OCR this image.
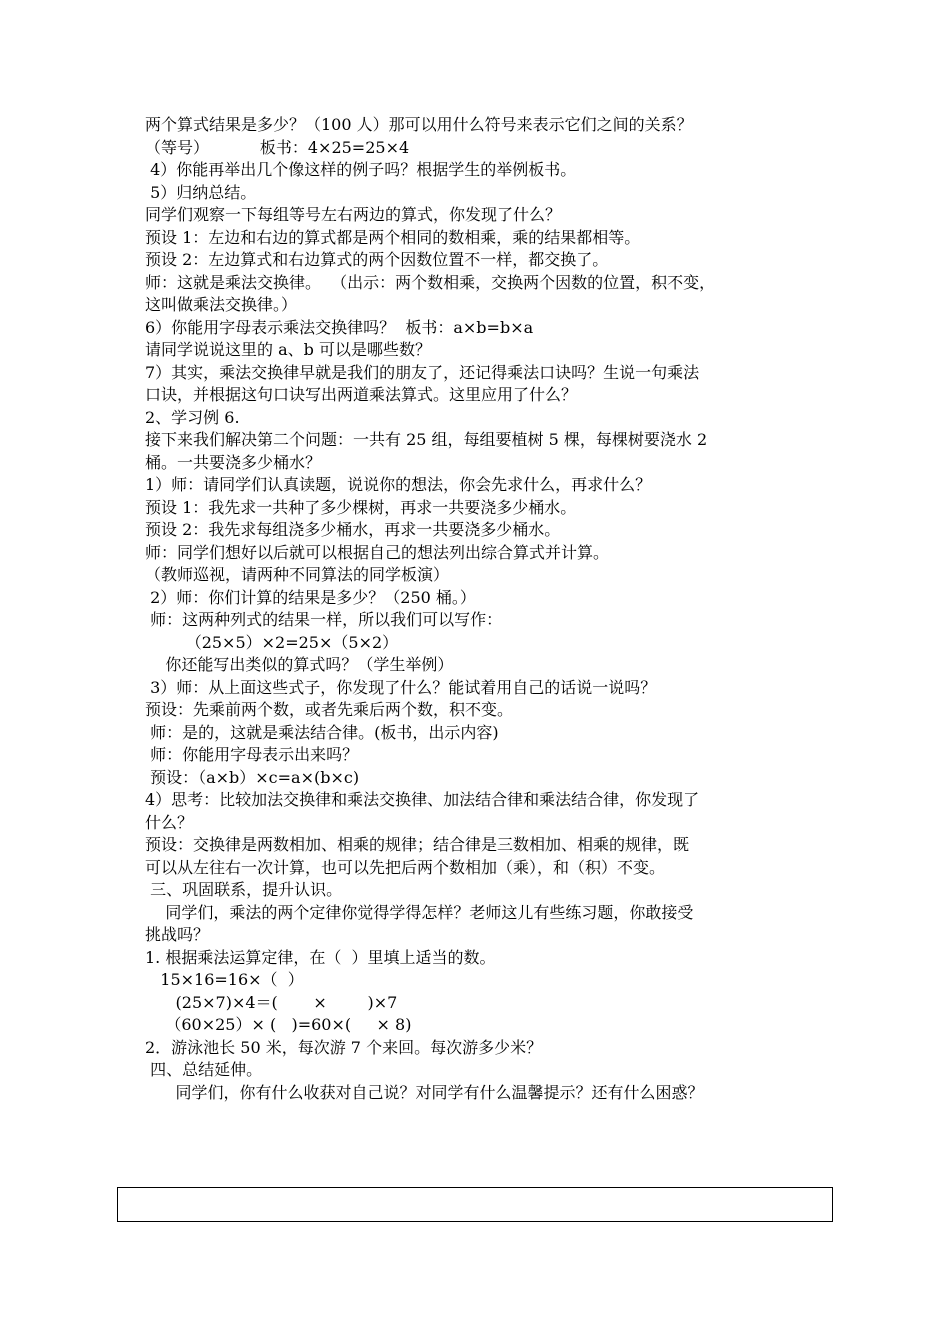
两个算式结果是多少？（100 人）那可以用什么符号来表示它们之间的关系？
（等号）          板书：4×25=25×4
4）你能再举出几个像这样的例子吗？根据学生的举例板书。
5）归纳总结。
同学们观察一下每组等号左右两边的算式，你发现了什么？
预设 1：左边和右边的算式都是两个相同的数相乘，乘的结果都相等。
预设 2：左边算式和右边算式的两个因数位置不一样，都交换了。
师：这就是乘法交换律。  （出示：两个数相乘，交换两个因数的位置，积不变，
这叫做乘法交换律。）
6）你能用字母表示乘法交换律吗？  板书：a×b=b×a
请同学说说这里的 a、b 可以是哪些数？
7）其实，乘法交换律早就是我们的朋友了，还记得乘法口诀吗？生说一句乘法
口诀，并根据这句口诀写出两道乘法算式。这里应用了什么？
2、学习例 6.
接下来我们解决第二个问题：一共有 25 组，每组要植树 5 棵，每棵树要浇水 2
桶。一共要浇多少桶水？
1）师：请同学们认真读题，说说你的想法，你会先求什么，再求什么？
预设 1：我先求一共种了多少棵树，再求一共要浇多少桶水。
预设 2：我先求每组浇多少桶水，再求一共要浇多少桶水。
师：同学们想好以后就可以根据自己的想法列出综合算式并计算。
（教师巡视，请两种不同算法的同学板演）
2）师：你们计算的结果是多少？（250 桶。）
师：这两种列式的结果一样，所以我们可以写作：
（25×5）×2=25×（5×2）
你还能写出类似的算式吗？（学生举例）
3）师：从上面这些式子，你发现了什么？能试着用自己的话说一说吗？
预设：先乘前两个数，或者先乘后两个数，积不变。
师：是的，这就是乘法结合律。(板书，出示内容)
师：你能用字母表示出来吗？
预设：（a×b）×c=a×(b×c)
4）思考：比较加法交换律和乘法交换律、加法结合律和乘法结合律，你发现了
什么？
预设：交换律是两数相加、相乘的规律；结合律是三数相加、相乘的规律，既
可以从左往右一次计算，也可以先把后两个数相加（乘），和（积）不变。
三、巩固联系，提升认识。
同学们，乘法的两个定律你觉得学得怎样？老师这儿有些练习题，你敢接受
挑战吗？
1. 根据乘法运算定律，在（  ）里填上适当的数。
15×16=16×（  ）
(25×7)×4＝(       ×        )×7
（60×25）× (   )=60×(     × 8)
2．游泳池长 50 米，每次游 7 个来回。每次游多少米？
四、总结延伸。
同学们，你有什么收获对自己说？对同学有什么温馨提示？还有什么困惑？
